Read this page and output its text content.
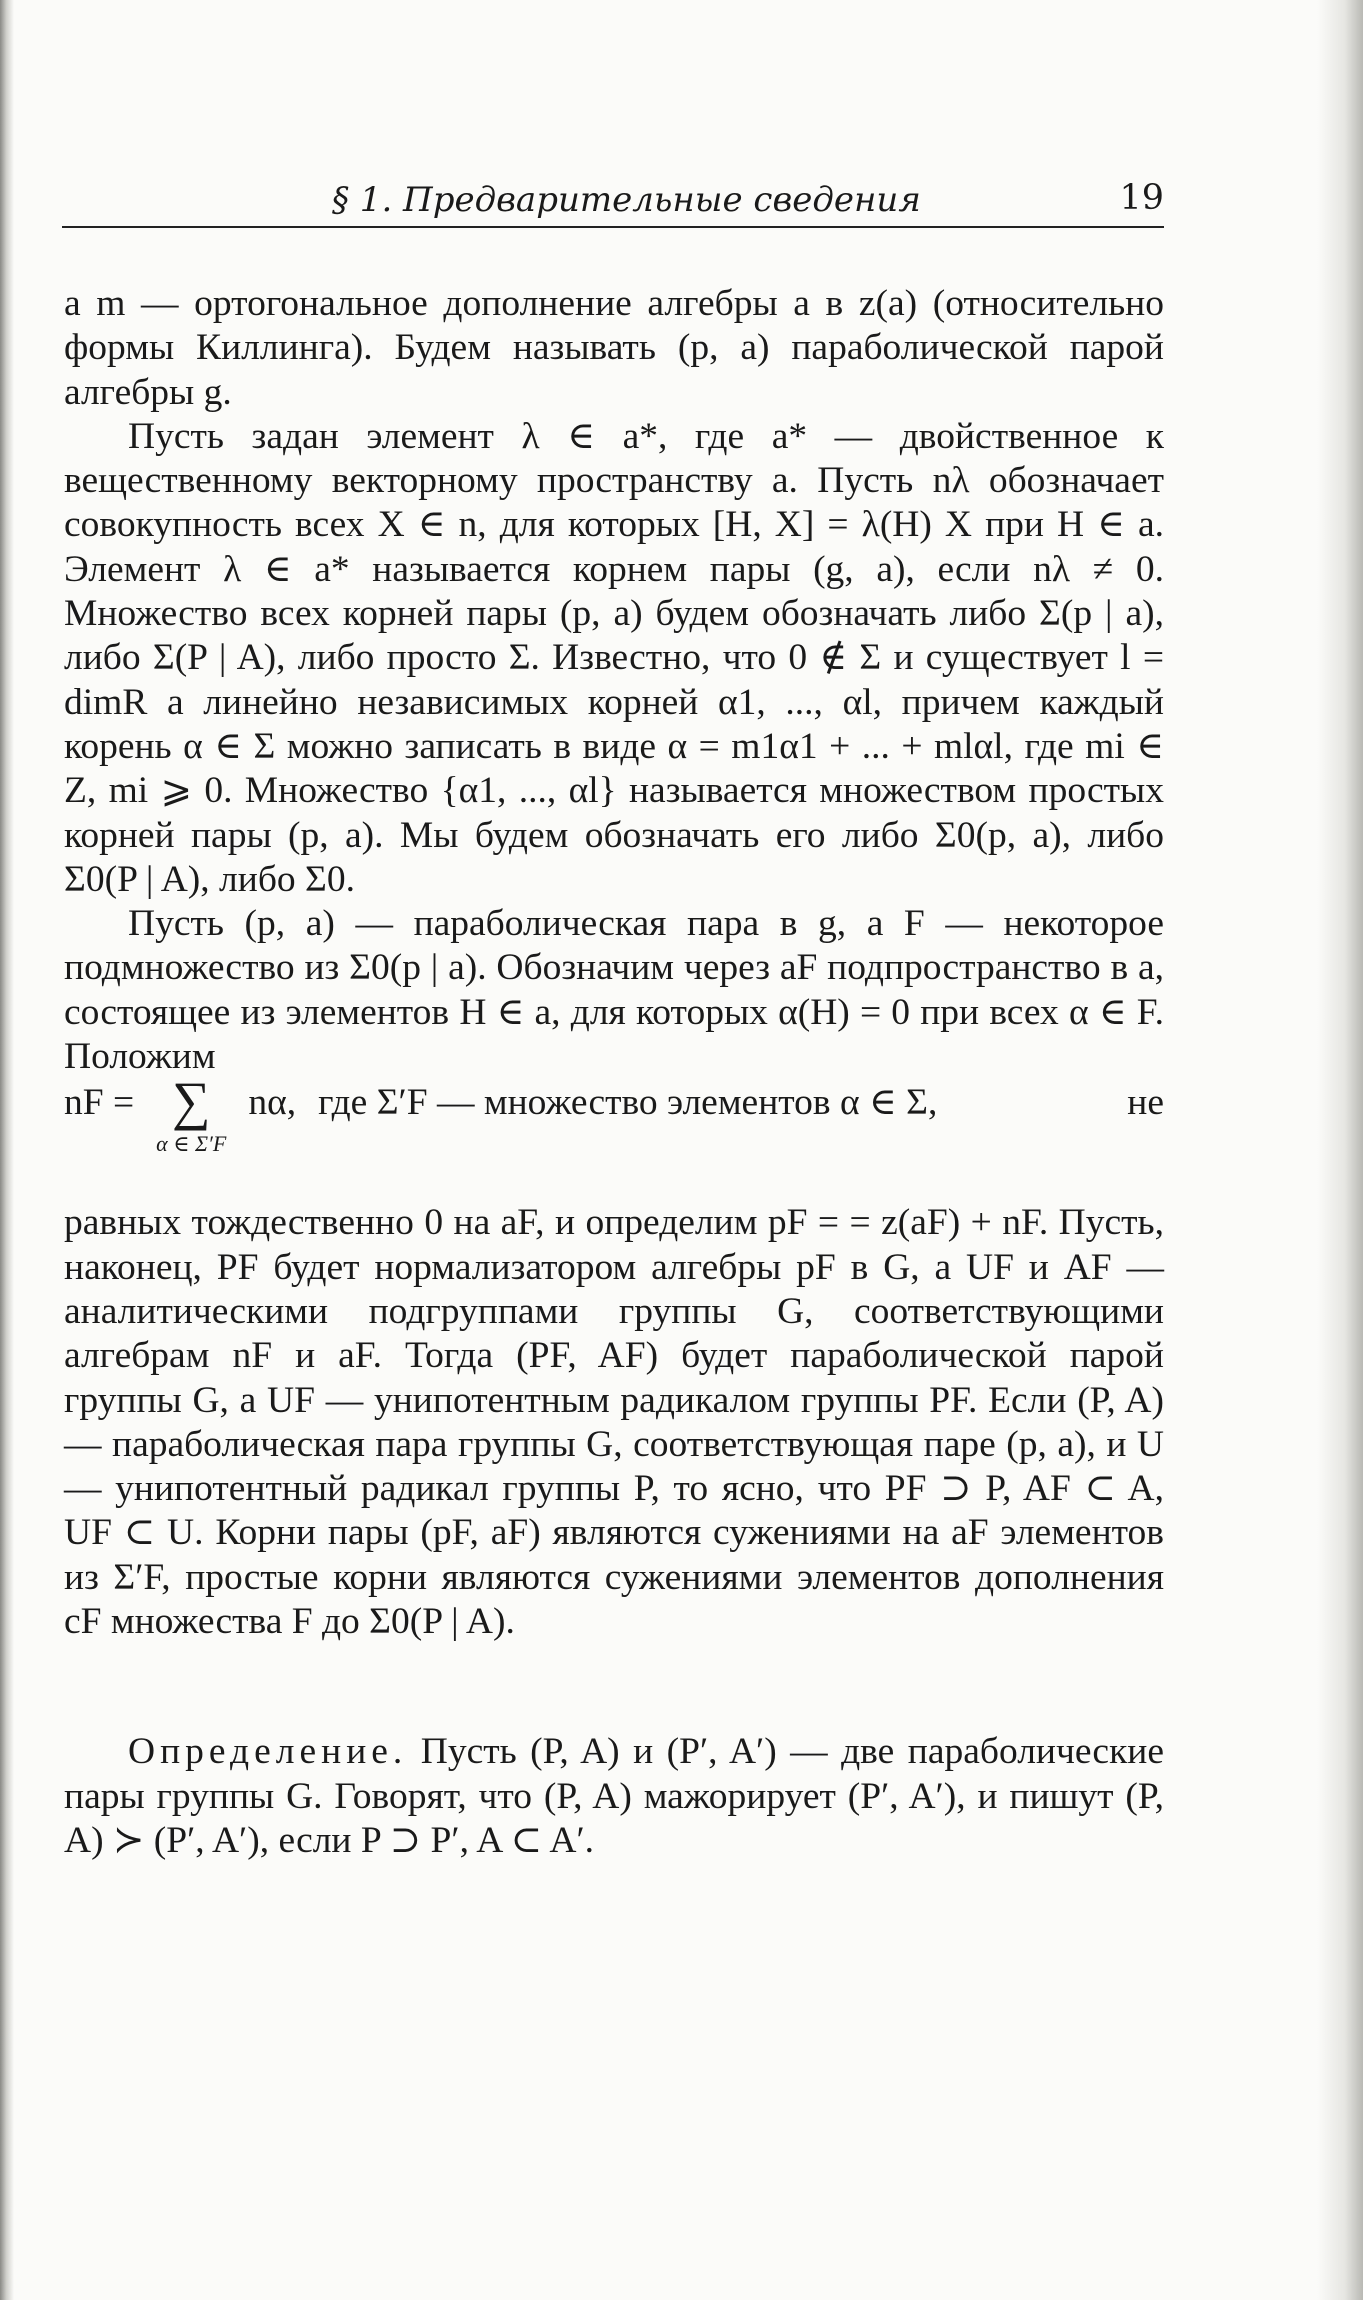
§ 1. Предварительные сведения	19

a m — ортогональное дополнение алгебры a в z(a) (относительно формы Киллинга). Будем называть (p, a) параболической парой алгебры g.

Пусть задан элемент λ ∈ a*, где a* — двойственное к вещественному векторному пространству a. Пусть nλ обозначает совокупность всех X ∈ n, для которых [H, X] = λ(H) X при H ∈ a. Элемент λ ∈ a* называется корнем пары (g, a), если nλ ≠ 0. Множество всех корней пары (p, a) будем обозначать либо Σ(p | a), либо Σ(P | A), либо просто Σ. Известно, что 0 ∉ Σ и существует l = dimR a линейно независимых корней α1, ..., αl, причем каждый корень α ∈ Σ можно записать в виде α = m1α1 + ... + mlαl, где mi ∈ Z, mi ⩾ 0. Множество {α1, ..., αl} называется множеством простых корней пары (p, a). Мы будем обозначать его либо Σ0(p, a), либо Σ0(P | A), либо Σ0.

Пусть (p, a) — параболическая пара в g, а F — некоторое подмножество из Σ0(p | a). Обозначим через aF подпространство в a, состоящее из элементов H ∈ a, для которых α(H) = 0 при всех α ∈ F. Положим

nF = ∑
α ∈ Σ′F
nα, где Σ′F — множество элементов α ∈ Σ,	не

равных тождественно 0 на aF, и определим pF = = z(aF) + nF. Пусть, наконец, PF будет нормализатором алгебры pF в G, а UF и AF — аналитическими подгруппами группы G, соответствующими алгебрам nF и aF. Тогда (PF, AF) будет параболической парой группы G, а UF — унипотентным радикалом группы PF. Если (P, A) — параболическая пара группы G, соответствующая паре (p, a), и U — унипотентный радикал группы P, то ясно, что PF ⊃ P, AF ⊂ A, UF ⊂ U. Корни пары (pF, aF) являются сужениями на aF элементов из Σ′F, простые корни являются сужениями элементов дополнения cF множества F до Σ0(P | A).

Определение. Пусть (P, A) и (P′, A′) — две параболические пары группы G. Говорят, что (P, A) мажорирует (P′, A′), и пишут (P, A) ≻ (P′, A′), если P ⊃ P′, A ⊂ A′.
